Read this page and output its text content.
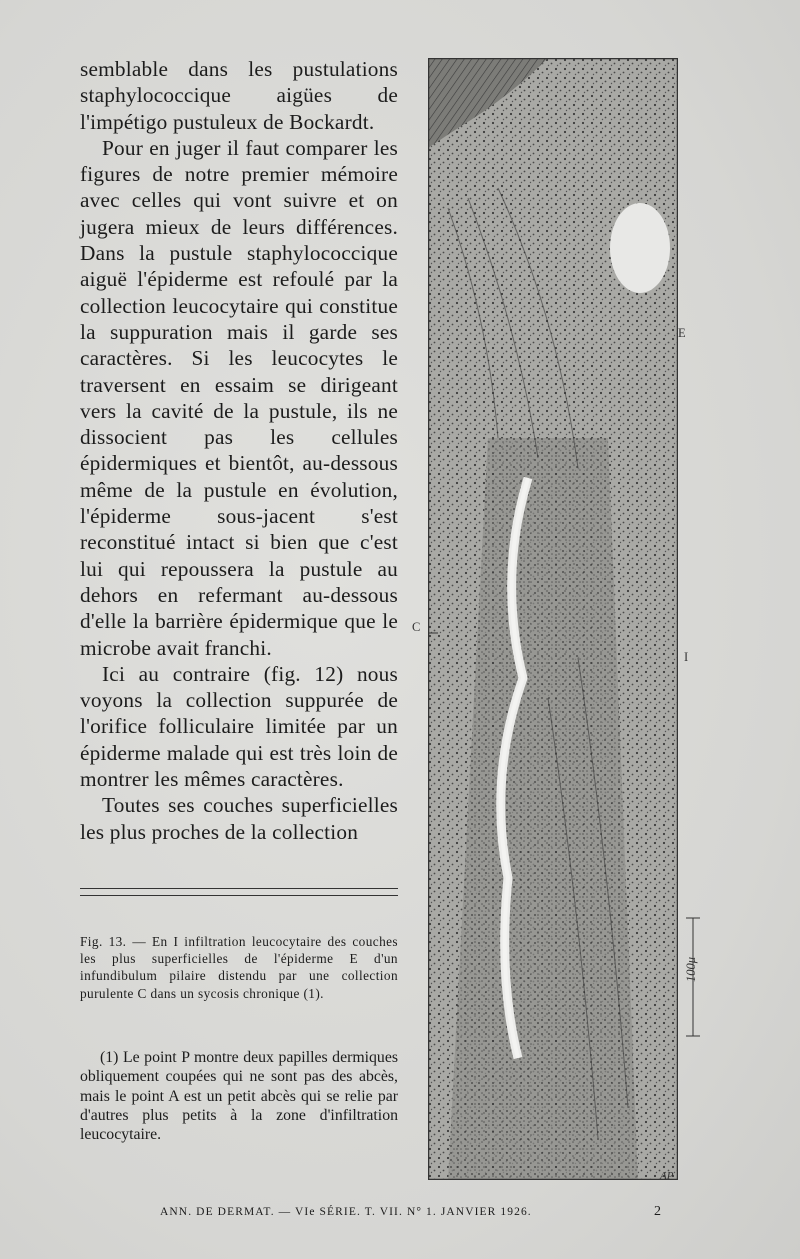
semblable dans les pustulations staphylococcique aigües de l'impétigo pustuleux de Bockardt.

Pour en juger il faut comparer les figures de notre premier mémoire avec celles qui vont suivre et on jugera mieux de leurs différences. Dans la pustule staphylococcique aiguë l'épiderme est refoulé par la collection leucocytaire qui constitue la suppuration mais il garde ses caractères. Si les leucocytes le traversent en essaim se dirigeant vers la cavité de la pustule, ils ne dissocient pas les cellules épidermiques et bientôt, au-dessous même de la pustule en évolution, l'épiderme sous-jacent s'est reconstitué intact si bien que c'est lui qui repoussera la pustule au dehors en refermant au-dessous d'elle la barrière épidermique que le microbe avait franchi.

Ici au contraire (fig. 12) nous voyons la collection suppurée de l'orifice folliculaire limitée par un épiderme malade qui est très loin de montrer les mêmes caractères.

Toutes ses couches superficielles les plus proches de la collection

Fig. 13. — En I infiltration leucocytaire des couches les plus superficielles de l'épiderme E d'un infundibulum pilaire distendu par une collection purulente C dans un sycosis chronique (1).

(1) Le point P montre deux papilles dermiques obliquement coupées qui ne sont pas des abcès, mais le point A est un petit abcès qui se relie par d'autres plus petits à la zone d'infiltration leucocytaire.

E
I
C
100μ
AP
ANN. DE DERMAT. — VIe SÉRIE. T. VII. N° 1. JANVIER 1926.	2
